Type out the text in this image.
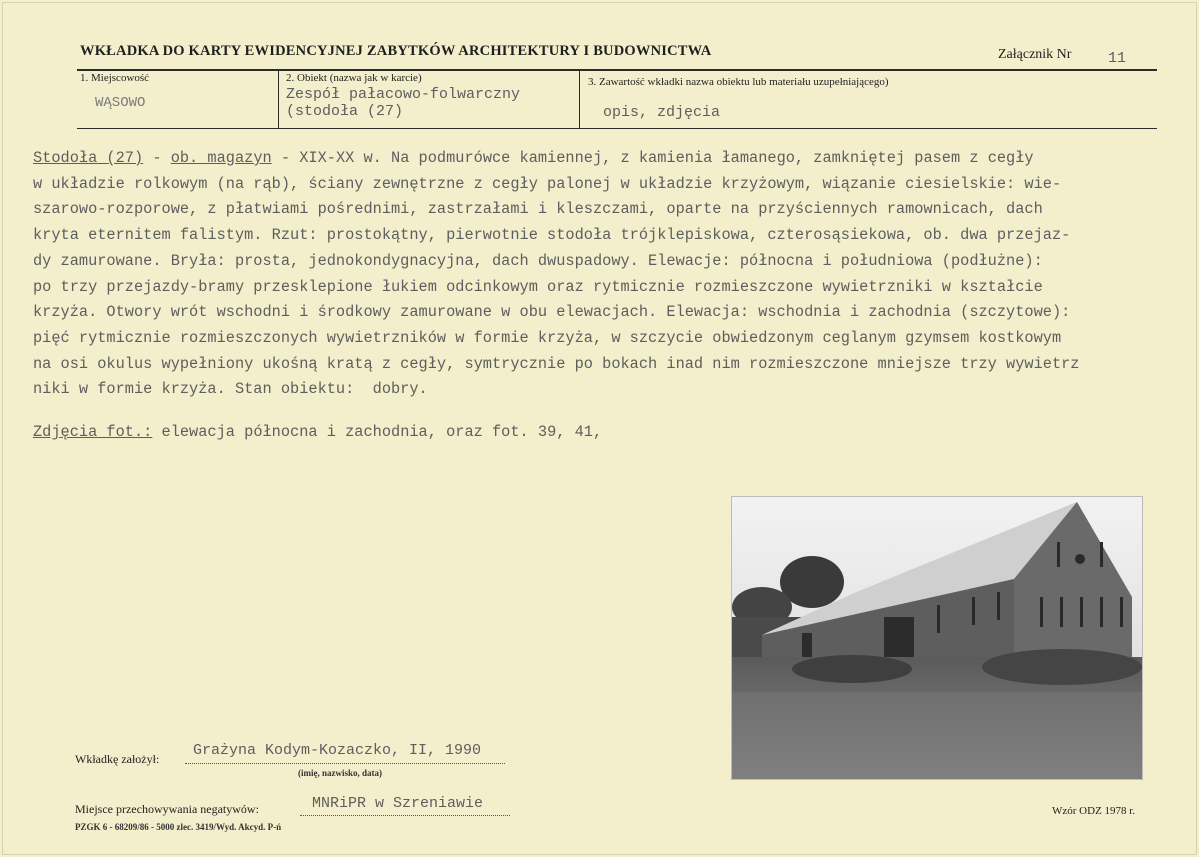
WKŁADKA DO KARTY EWIDENCYJNEJ ZABYTKÓW ARCHITEKTURY I BUDOWNICTWA	Załącznik Nr 11
1. Miejscowość
WĄSOWO
2. Obiekt (nazwa jak w karcie)
Zespół pałacowo-folwarczny
(stodoła (27)
3. Zawartość wkładki nazwa obiektu lub materiału uzupełniającego)
opis, zdjęcia
Stodoła (27) - ob. magazyn - XIX-XX w. Na podmurówce kamiennej, z kamienia łamanego, zamkniętej pasem z cegły
w układzie rolkowym (na rąb), ściany zewnętrzne z cegły palonej w układzie krzyżowym, wiązanie ciesielskie: wie-
szarowo-rozporowe, z płatwiami pośrednimi, zastrzałami i kleszczami, oparte na przyściennych ramownicach, dach
kryta eternitem falistym. Rzut: prostokątny, pierwotnie stodoła trójklepiskowa, czterosąsiekowa, ob. dwa przejaz-
dy zamurowane. Bryła: prosta, jednokondygnacyjna, dach dwuspadowy. Elewacje: północna i południowa (podłużne):
po trzy przejazdy-bramy przesklepione łukiem odcinkowym oraz rytmicznie rozmieszczone wywietrzniki w kształcie
krzyża. Otwory wrót wschodni i środkowy zamurowane w obu elewacjach. Elewacja: wschodnia i zachodnia (szczytowe):
pięć rytmicznie rozmieszczonych wywietrzników w formie krzyża, w szczycie obwiedzonym ceglanym gzymsem kostkowym
na osi okulus wypełniony ukośną kratą z cegły, symtrycznie po bokach inad nim rozmieszczone mniejsze trzy wywietrz
niki w formie krzyża. Stan obiektu:  dobry.
Zdjęcia fot.: elewacja północna i zachodnia, oraz fot. 39, 41,
Wkładkę założył: Grażyna Kodym-Kozaczko, II, 1990
(imię, nazwisko, data)
Miejsce przechowywania negatywów:	MNRiPR w Szreniawie
PZGK 6 - 68209/86 - 5000 zlec. 3419/Wyd. Akcyd. P-ń
Wzór ODZ 1978 r.
